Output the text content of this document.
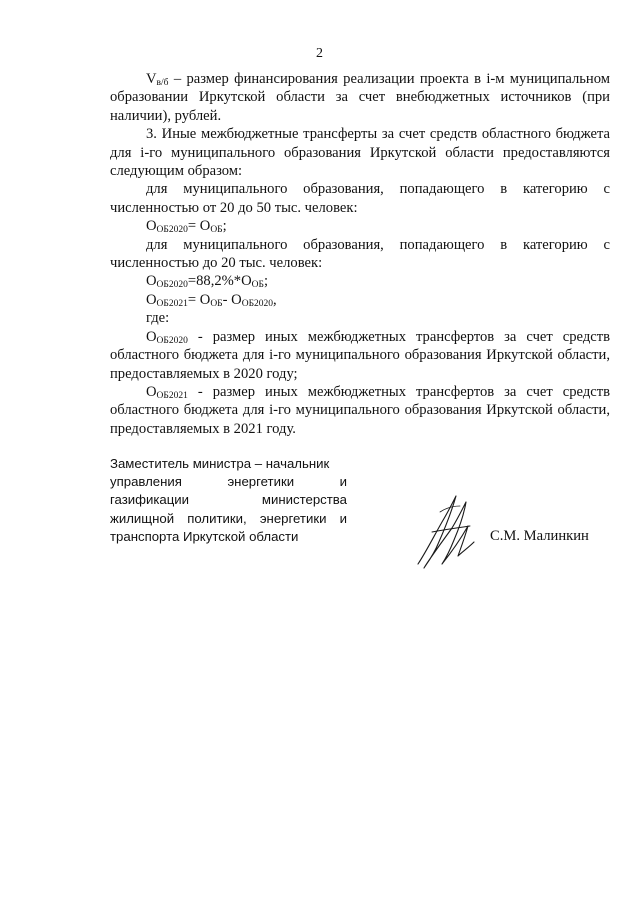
2

$V_{в/б}$ – размер финансирования реализации проекта в i-м муниципальном образовании Иркутской области за счет внебюджетных источников (при наличии), рублей.

3. Иные межбюджетные трансферты за счет средств областного бюджета для i-го муниципального образования Иркутской области предоставляются следующим образом:

для муниципального образования, попадающего в категорию с численностью от 20 до 50 тыс. человек:

$О_{ОБ2020}= О_{ОБ}$;

для муниципального образования, попадающего в категорию с численностью до 20 тыс. человек:

$О_{ОБ2020}=88,2\%*О_{ОБ}$;

$О_{ОБ2021}= О_{ОБ}-$ $О_{ОБ2020}$,

где:

$О_{ОБ2020}$ - размер иных межбюджетных трансфертов за счет средств областного бюджета для i-го муниципального образования Иркутской области, предоставляемых в 2020 году;

$О_{ОБ2021}$ - размер иных межбюджетных трансфертов за счет средств областного бюджета для i-го муниципального образования Иркутской области, предоставляемых в 2021 году.

Заместитель министра – начальник

управления энергетики и

газификации министерства

жилищной политики, энергетики и

транспорта Иркутской области	С.М. Малинкин
